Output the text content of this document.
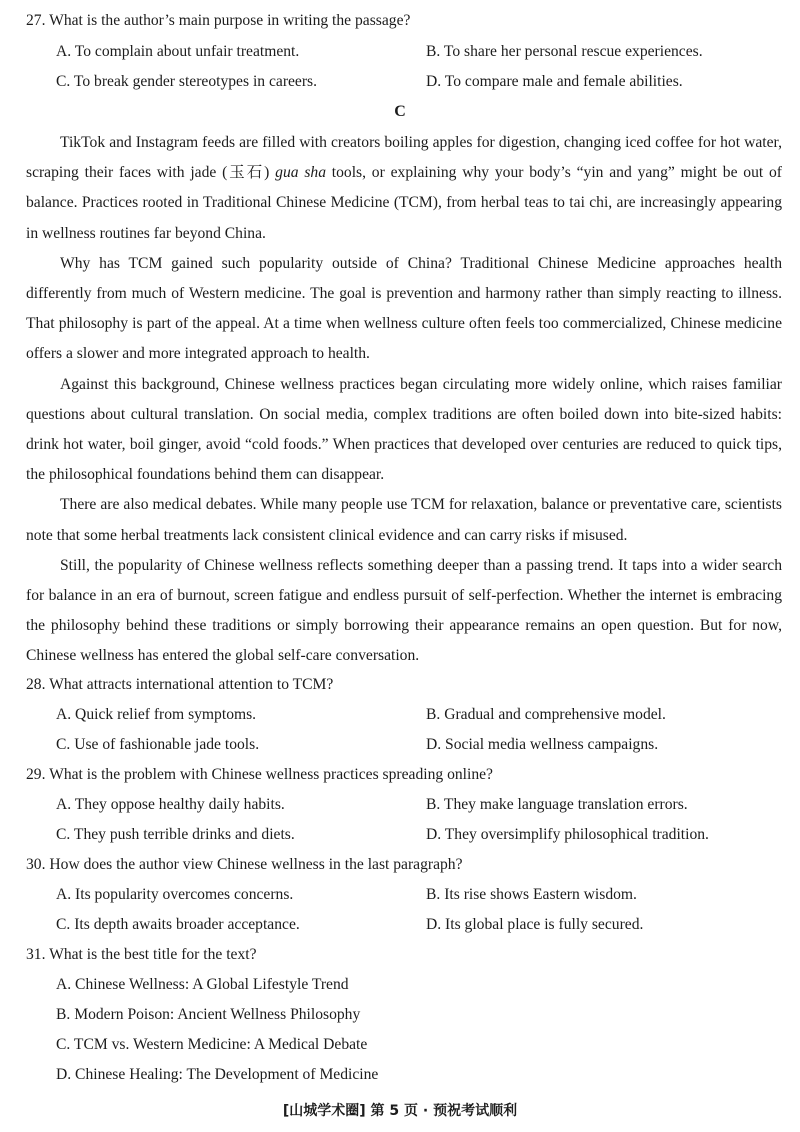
27. What is the author’s main purpose in writing the passage?
A. To complain about unfair treatment.	B. To share her personal rescue experiences.
C. To break gender stereotypes in careers.	D. To compare male and female abilities.
C

TikTok and Instagram feeds are filled with creators boiling apples for digestion, changing iced coffee for hot water, scraping their faces with jade (玉石) gua sha tools, or explaining why your body’s “yin and yang” might be out of balance. Practices rooted in Traditional Chinese Medicine (TCM), from herbal teas to tai chi, are increasingly appearing in wellness routines far beyond China.

Why has TCM gained such popularity outside of China? Traditional Chinese Medicine approaches health differently from much of Western medicine. The goal is prevention and harmony rather than simply reacting to illness. That philosophy is part of the appeal. At a time when wellness culture often feels too commercialized, Chinese medicine offers a slower and more integrated approach to health.

Against this background, Chinese wellness practices began circulating more widely online, which raises familiar questions about cultural translation. On social media, complex traditions are often boiled down into bite-sized habits: drink hot water, boil ginger, avoid “cold foods.” When practices that developed over centuries are reduced to quick tips, the philosophical foundations behind them can disappear.

There are also medical debates. While many people use TCM for relaxation, balance or preventative care, scientists note that some herbal treatments lack consistent clinical evidence and can carry risks if misused.

Still, the popularity of Chinese wellness reflects something deeper than a passing trend. It taps into a wider search for balance in an era of burnout, screen fatigue and endless pursuit of self-perfection. Whether the internet is embracing the philosophy behind these traditions or simply borrowing their appearance remains an open question. But for now, Chinese wellness has entered the global self-care conversation.

28. What attracts international attention to TCM?
A. Quick relief from symptoms.	B. Gradual and comprehensive model.
C. Use of fashionable jade tools.	D. Social media wellness campaigns.
29. What is the problem with Chinese wellness practices spreading online?
A. They oppose healthy daily habits.	B. They make language translation errors.
C. They push terrible drinks and diets.	D. They oversimplify philosophical tradition.
30. How does the author view Chinese wellness in the last paragraph?
A. Its popularity overcomes concerns.	B. Its rise shows Eastern wisdom.
C. Its depth awaits broader acceptance.	D. Its global place is fully secured.
31. What is the best title for the text?
A. Chinese Wellness: A Global Lifestyle Trend
B. Modern Poison: Ancient Wellness Philosophy
C. TCM vs. Western Medicine: A Medical Debate
D. Chinese Healing: The Development of Medicine
[山城学术圈] 第 5 页 · 预祝考试顺利
